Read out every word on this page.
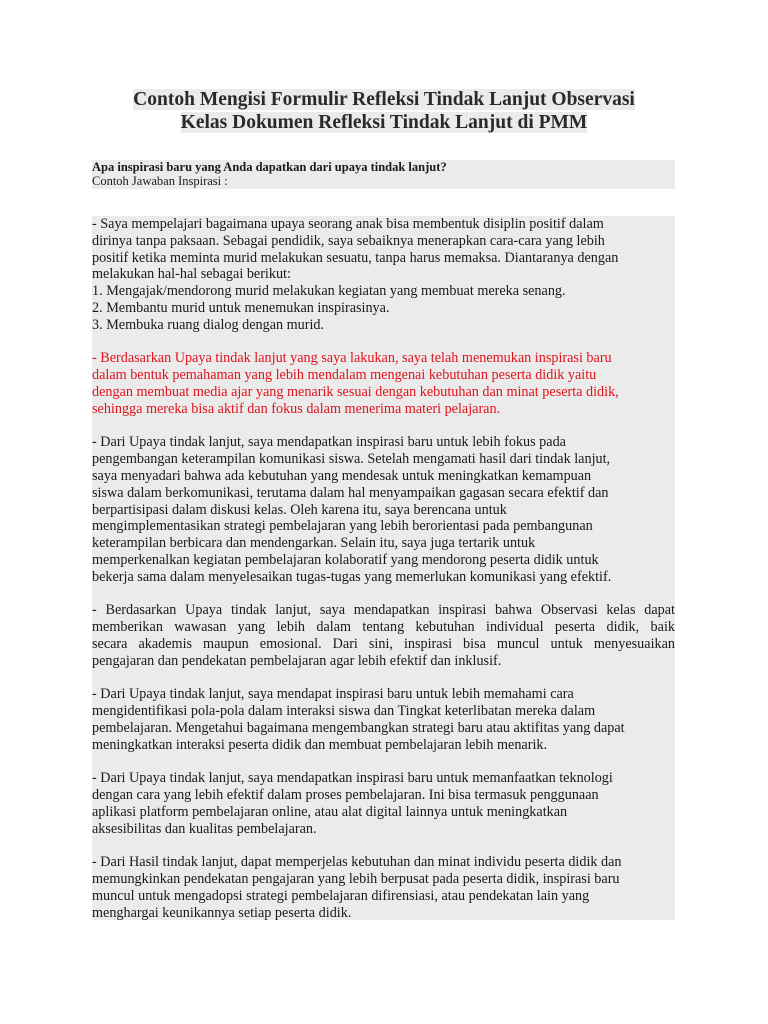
Contoh Mengisi Formulir Refleksi Tindak Lanjut Observasi
Kelas Dokumen Refleksi Tindak Lanjut di PMM
Apa inspirasi baru yang Anda dapatkan dari upaya tindak lanjut?
Contoh Jawaban Inspirasi :
- Saya mempelajari bagaimana upaya seorang anak bisa membentuk disiplin positif dalam
dirinya tanpa paksaan. Sebagai pendidik, saya sebaiknya menerapkan cara-cara yang lebih
positif ketika meminta murid melakukan sesuatu, tanpa harus memaksa. Diantaranya dengan
melakukan hal-hal sebagai berikut:
1. Mengajak/mendorong murid melakukan kegiatan yang membuat mereka senang.
2. Membantu murid untuk menemukan inspirasinya.
3. Membuka ruang dialog dengan murid.
- Berdasarkan Upaya tindak lanjut yang saya lakukan, saya telah menemukan inspirasi baru
dalam bentuk pemahaman yang lebih mendalam mengenai kebutuhan peserta didik yaitu
dengan membuat media ajar yang menarik sesuai dengan kebutuhan dan minat peserta didik,
sehingga mereka bisa aktif dan fokus dalam menerima materi pelajaran.
- Dari Upaya tindak lanjut, saya mendapatkan inspirasi baru untuk lebih fokus pada
pengembangan keterampilan komunikasi siswa. Setelah mengamati hasil dari tindak lanjut,
saya menyadari bahwa ada kebutuhan yang mendesak untuk meningkatkan kemampuan
siswa dalam berkomunikasi, terutama dalam hal menyampaikan gagasan secara efektif dan
berpartisipasi dalam diskusi kelas. Oleh karena itu, saya berencana untuk
mengimplementasikan strategi pembelajaran yang lebih berorientasi pada pembangunan
keterampilan berbicara dan mendengarkan. Selain itu, saya juga tertarik untuk
memperkenalkan kegiatan pembelajaran kolaboratif yang mendorong peserta didik untuk
bekerja sama dalam menyelesaikan tugas-tugas yang memerlukan komunikasi yang efektif.
- Berdasarkan Upaya tindak lanjut, saya mendapatkan inspirasi bahwa Observasi kelas dapat
memberikan wawasan yang lebih dalam tentang kebutuhan individual peserta didik, baik
secara akademis maupun emosional. Dari sini, inspirasi bisa muncul untuk menyesuaikan
pengajaran dan pendekatan pembelajaran agar lebih efektif dan inklusif.
- Dari Upaya tindak lanjut, saya mendapat inspirasi baru untuk lebih memahami cara
mengidentifikasi pola-pola dalam interaksi siswa dan Tingkat keterlibatan mereka dalam
pembelajaran. Mengetahui bagaimana mengembangkan strategi baru atau aktifitas yang dapat
meningkatkan interaksi peserta didik dan membuat pembelajaran lebih menarik.
- Dari Upaya tindak lanjut, saya mendapatkan inspirasi baru untuk memanfaatkan teknologi
dengan cara yang lebih efektif dalam proses pembelajaran. Ini bisa termasuk penggunaan
aplikasi platform pembelajaran online, atau alat digital lainnya untuk meningkatkan
aksesibilitas dan kualitas pembelajaran.
- Dari Hasil tindak lanjut, dapat memperjelas kebutuhan dan minat individu peserta didik dan
memungkinkan pendekatan pengajaran yang lebih berpusat pada peserta didik, inspirasi baru
muncul untuk mengadopsi strategi pembelajaran difirensiasi, atau pendekatan lain yang
menghargai keunikannya setiap peserta didik.
